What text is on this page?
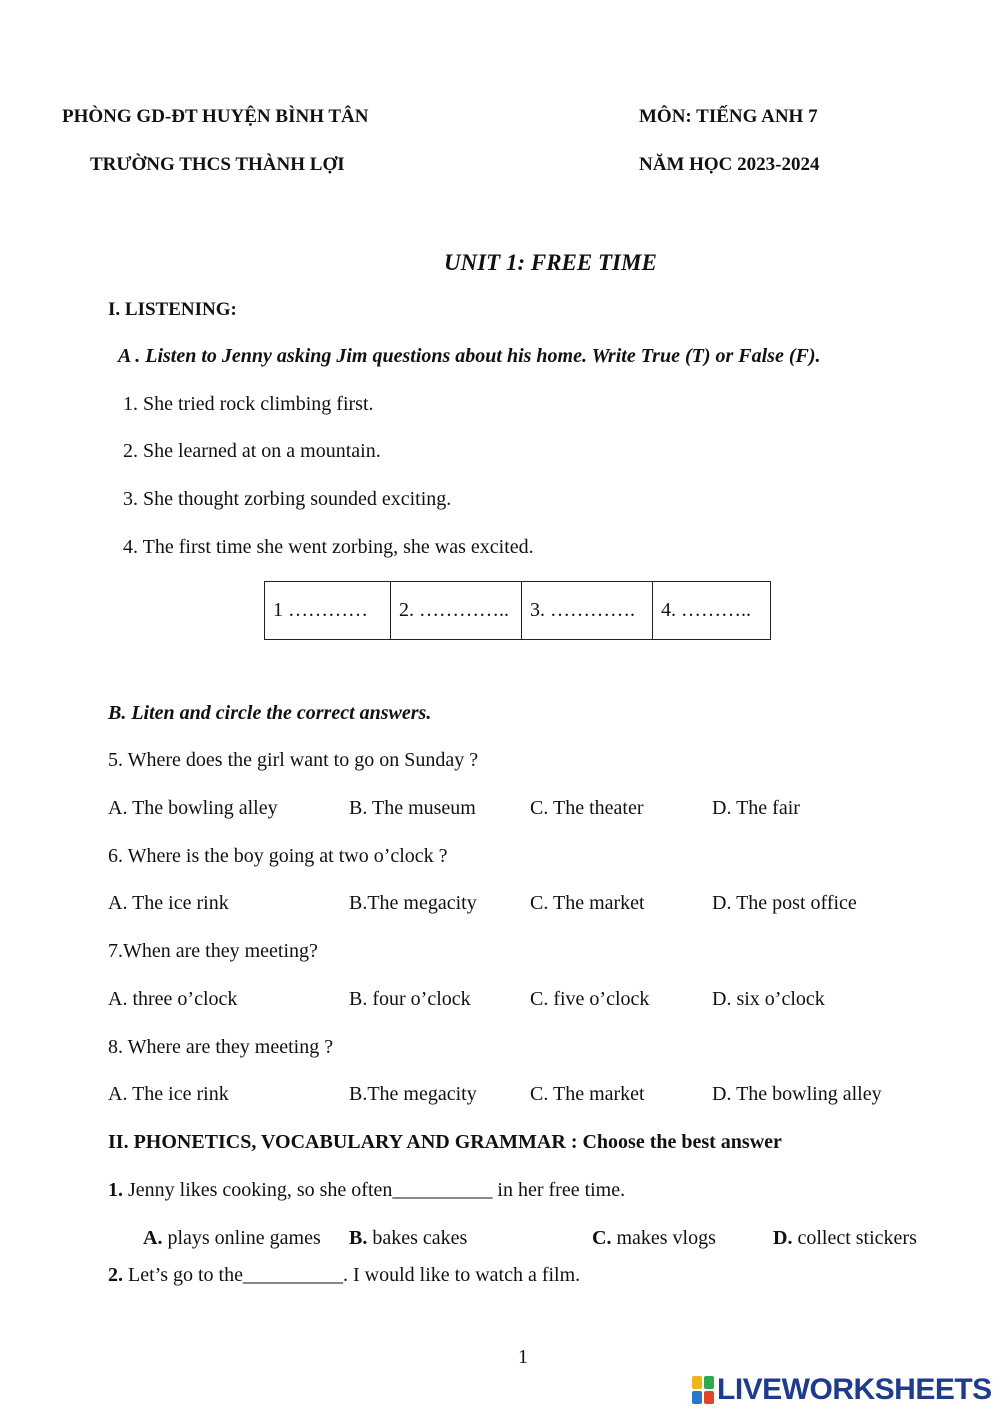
PHÒNG GD-ĐT HUYỆN BÌNH TÂN
TRƯỜNG THCS THÀNH LỢI
MÔN: TIẾNG ANH 7
NĂM HỌC 2023-2024
UNIT 1: FREE TIME
I. LISTENING:
A . Listen to Jenny asking Jim questions about his home. Write True (T) or False (F).
1. She tried rock climbing first.
2. She learned at on a mountain.
3. She thought zorbing sounded exciting.
4. The first time she went zorbing, she was excited.
1 …………	2. …………..	3. ………….	4. ………..
B. Liten and circle the correct answers.
5. Where does the girl want to go on Sunday ?
A. The bowling alley	B. The museum	C. The theater	D. The fair
6. Where is the boy going at two o’clock ?
A. The ice rink	B.The megacity	C. The market	D. The post office
7.When are they meeting?
A. three o’clock	B. four o’clock	C. five o’clock	D. six o’clock
8. Where are they meeting ?
A. The ice rink	B.The megacity	C. The market	D. The bowling alley
II. PHONETICS, VOCABULARY AND GRAMMAR : Choose the best answer
1. Jenny likes cooking, so she often__________ in her free time.
A. plays online games B. bakes cakes	C. makes vlogs	D. collect stickers
2. Let’s go to the__________. I would like to watch a film.
1
LIVEWORKSHEETS
